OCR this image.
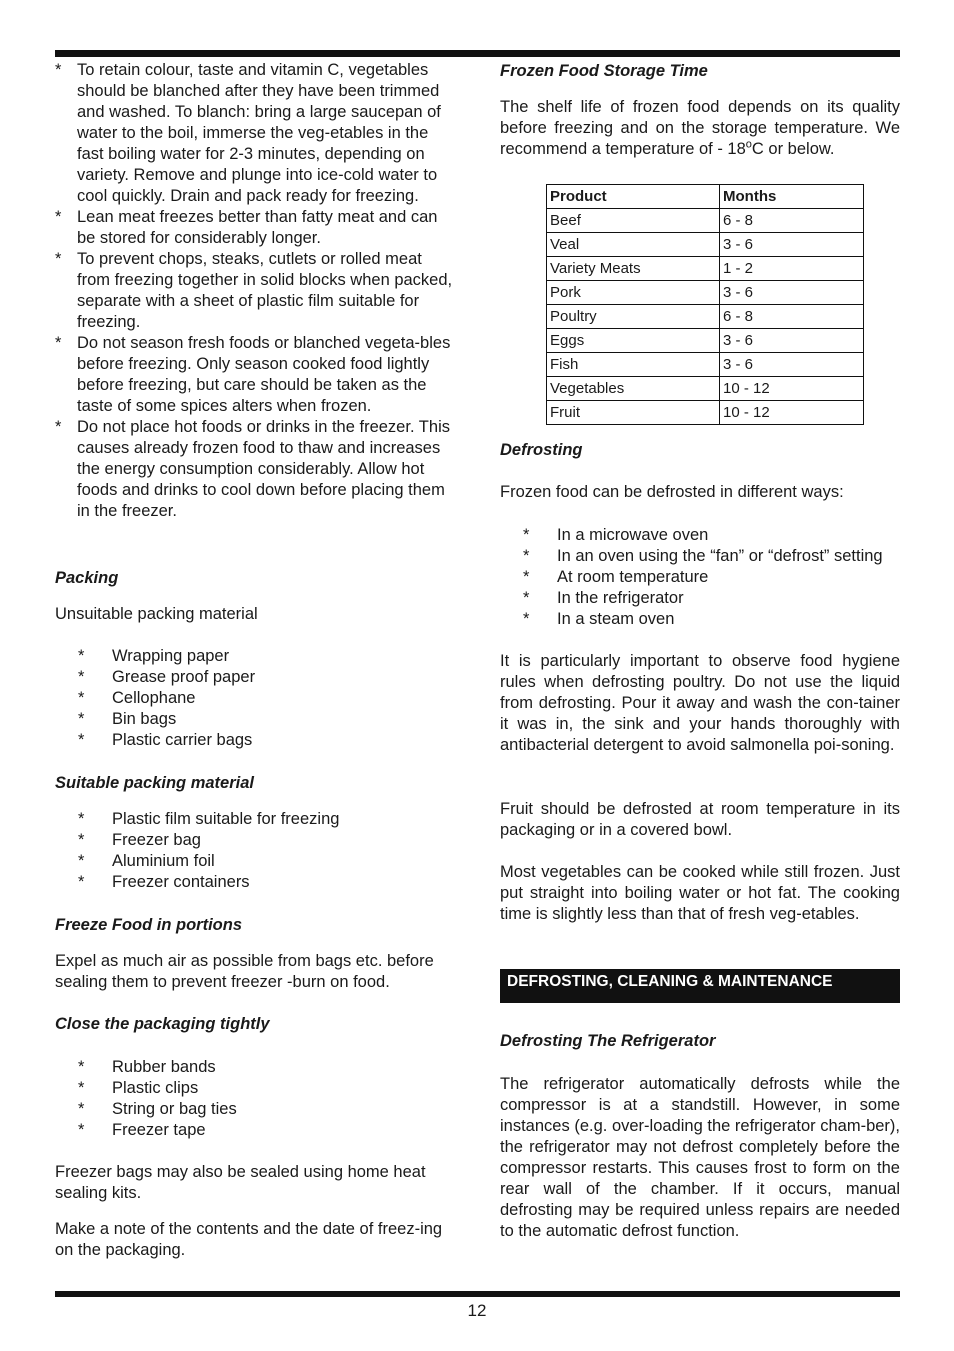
* To retain colour, taste and vitamin C, vegetables should be blanched after they have been trimmed and washed. To blanch: bring a large saucepan of water to the boil, immerse the veg-etables in the fast boiling water for 2-3 minutes, depending on variety. Remove and plunge into ice-cold water to cool quickly. Drain and pack ready for freezing.
* Lean meat freezes better than fatty meat and can be stored for considerably longer.
* To prevent chops, steaks, cutlets or rolled meat from freezing together in solid blocks when packed, separate with a sheet of plastic film suitable for freezing.
* Do not season fresh foods or blanched vegeta-bles before freezing. Only season cooked food lightly before freezing, but care should be taken as the taste of some spices alters when frozen.
* Do not place hot foods or drinks in the freezer. This causes already frozen food to thaw and increases the energy consumption considerably. Allow hot foods and drinks to cool down before placing them in the freezer.
Packing
Unsuitable packing material
* Wrapping paper
* Grease proof paper
* Cellophane
* Bin bags
* Plastic carrier bags
Suitable packing material
* Plastic film suitable for freezing
* Freezer bag
* Aluminium foil
* Freezer containers
Freeze Food in portions
Expel as much air as possible from bags etc. before sealing them to prevent freezer -burn on food.
Close the packaging tightly
* Rubber bands
* Plastic clips
* String or bag ties
* Freezer tape
Freezer bags may also be sealed using home heat sealing kits.
Make a note of the contents and the date of freez-ing on the packaging.
Frozen Food Storage Time
The shelf life of frozen food depends on its quality before freezing and on the storage temperature. We recommend a temperature of - 18$^o$C or below.
Product	Months
Beef	6 - 8
Veal	3 - 6
Variety Meats	1 - 2
Pork	3 - 6
Poultry	6 - 8
Eggs	3 - 6
Fish	3 - 6
Vegetables	10 - 12
Fruit	10 - 12
Defrosting
Frozen food can be defrosted in different ways:
* In a microwave oven
* In an oven using the “fan” or “defrost” setting
* At room temperature
* In the refrigerator
* In a steam oven
It is particularly important to observe food hygiene rules when defrosting poultry. Do not use the liquid from defrosting. Pour it away and wash the con-tainer it was in, the sink and your hands thoroughly with antibacterial detergent to avoid salmonella poi-soning.
Fruit should be defrosted at room temperature in its packaging or in a covered bowl.
Most vegetables can be cooked while still frozen. Just put straight into boiling water or hot fat. The cooking time is slightly less than that of fresh veg-etables.
DEFROSTING, CLEANING & MAINTENANCE
Defrosting The Refrigerator
The refrigerator automatically defrosts while the compressor is at a standstill. However, in some instances (e.g. over-loading the refrigerator cham-ber), the refrigerator may not defrost completely before the compressor restarts. This causes frost to form on the rear wall of the chamber. If it occurs, manual defrosting may be required unless repairs are needed to the automatic defrost function.
12
